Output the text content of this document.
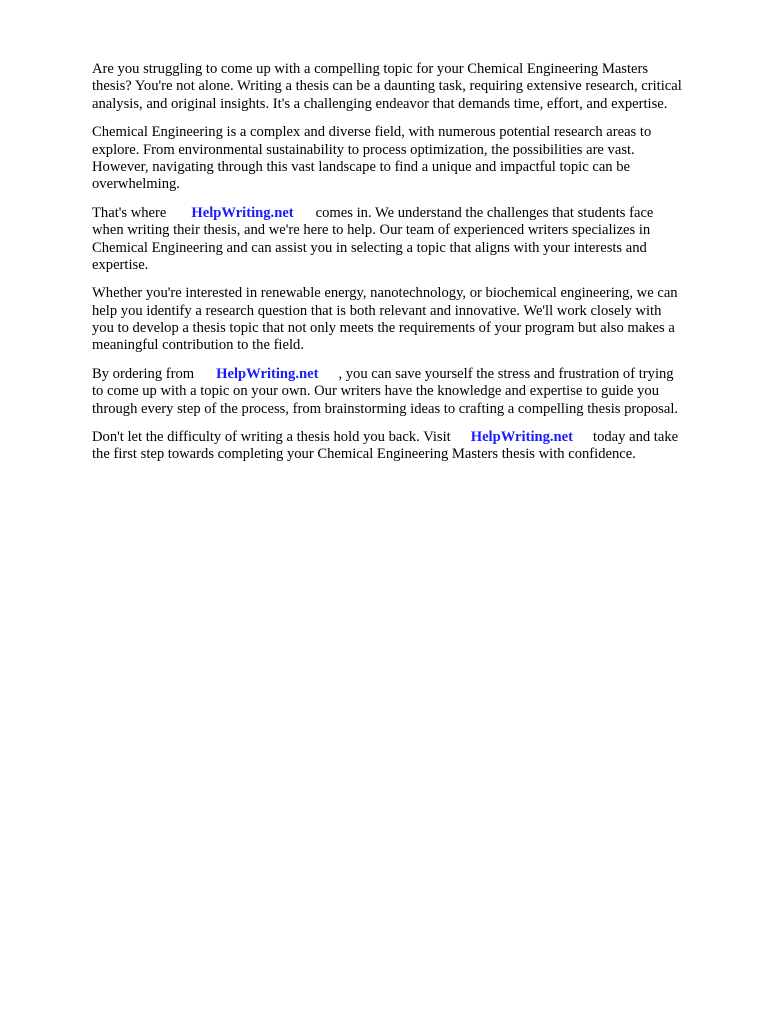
Are you struggling to come up with a compelling topic for your Chemical Engineering Masters
thesis? You're not alone. Writing a thesis can be a daunting task, requiring extensive research, critical
analysis, and original insights. It's a challenging endeavor that demands time, effort, and expertise.

Chemical Engineering is a complex and diverse field, with numerous potential research areas to
explore. From environmental sustainability to process optimization, the possibilities are vast.
However, navigating through this vast landscape to find a unique and impactful topic can be
overwhelming.

That's where HelpWriting.net comes in. We understand the challenges that students face
when writing their thesis, and we're here to help. Our team of experienced writers specializes in
Chemical Engineering and can assist you in selecting a topic that aligns with your interests and
expertise.

Whether you're interested in renewable energy, nanotechnology, or biochemical engineering, we can
help you identify a research question that is both relevant and innovative. We'll work closely with
you to develop a thesis topic that not only meets the requirements of your program but also makes a
meaningful contribution to the field.

By ordering from HelpWriting.net , you can save yourself the stress and frustration of trying
to come up with a topic on your own. Our writers have the knowledge and expertise to guide you
through every step of the process, from brainstorming ideas to crafting a compelling thesis proposal.

Don't let the difficulty of writing a thesis hold you back. Visit HelpWriting.net today and take
the first step towards completing your Chemical Engineering Masters thesis with confidence.
